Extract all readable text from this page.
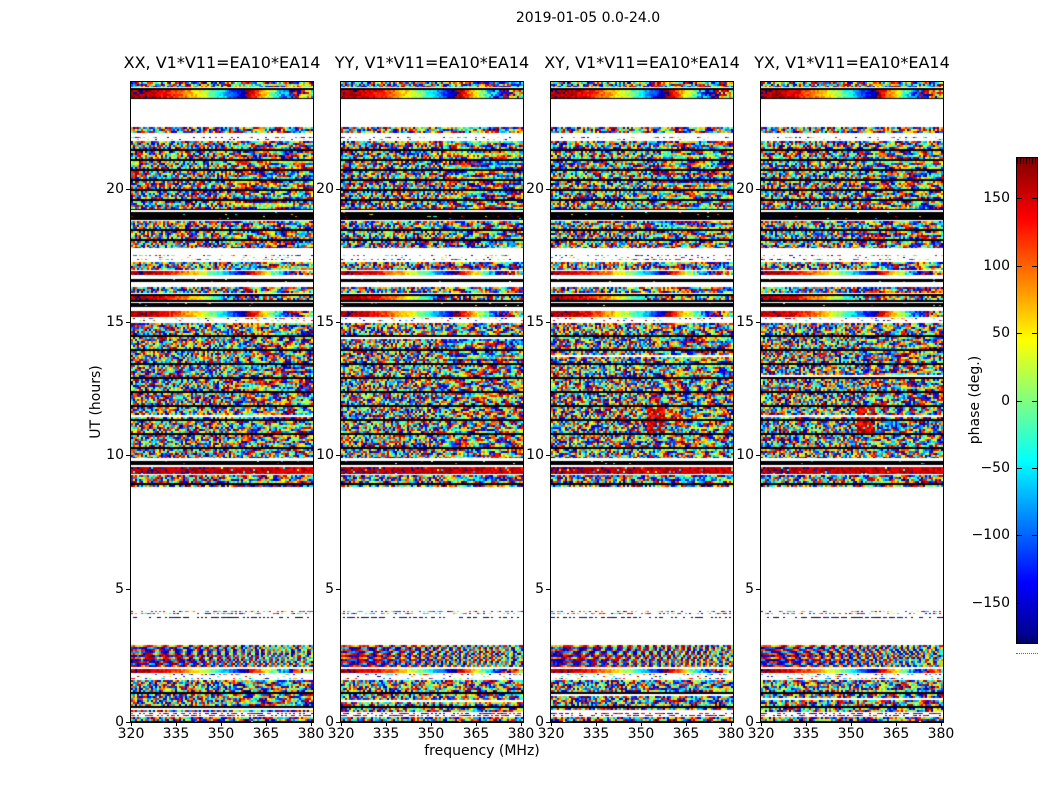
2019-01-05 0.0-24.0
UT (hours)
frequency (MHz)
XX, V1*V11=EA10*EA14
320	335	350	365	380
0
5
10
15
20
YY, V1*V11=EA10*EA14
320	335	350	365	380
0
5
10
15
20
XY, V1*V11=EA10*EA14
320	335	350	365	380
0
5
10
15
20
YX, V1*V11=EA10*EA14
320	335	350	365	380
0
5
10
15
20
150
100
50
0
−50
−100
−150
phase (deg.)
